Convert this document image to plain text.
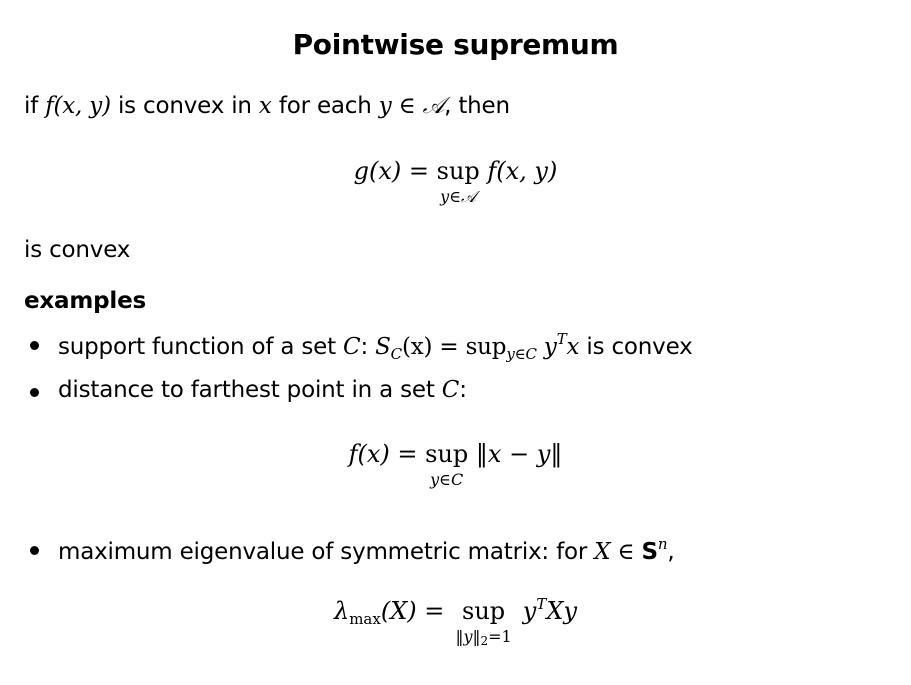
Pointwise supremum
if f(x, y) is convex in x for each y ∈ 𝒜, then
g(x) = sup
y∈𝒜
f(x, y)
is convex
examples
support function of a set C: $S_C(x) = sup_{y\in C}$ $y^Tx$ is convex
distance to farthest point in a set C:
f(x) = sup
y∈C
‖x − y‖
maximum eigenvalue of symmetric matrix: for X ∈ $S^n$,
$\lambda_{max}(X)$ = sup
‖y‖2=1
$y^TXy$
